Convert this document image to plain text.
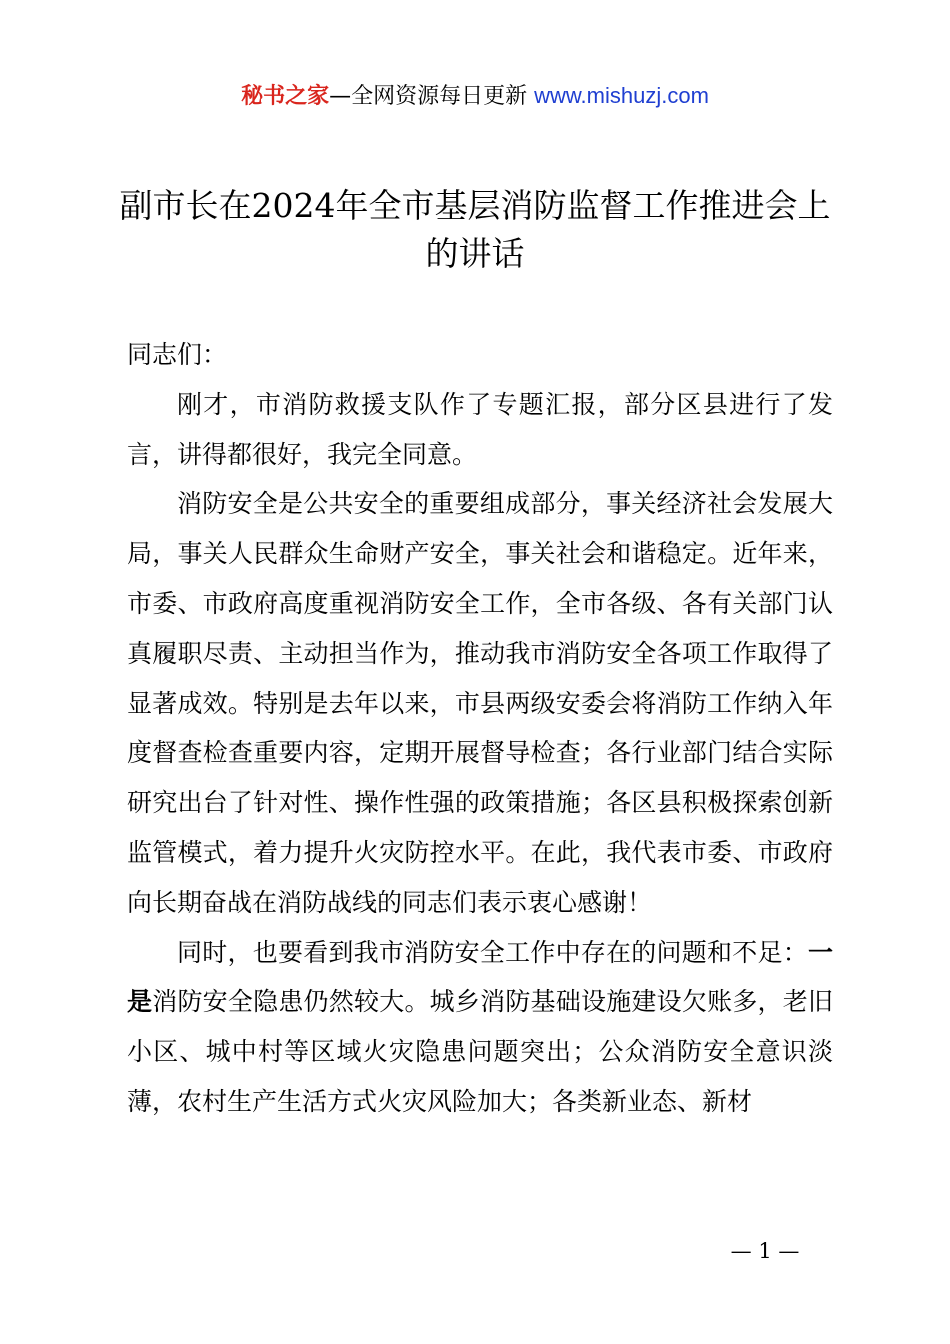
秘书之家—全网资源每日更新 www.mishuzj.com
副市长在2024年全市基层消防监督工作推进会上的讲话

同志们：

刚才，市消防救援支队作了专题汇报，部分区县进行了发言，讲得都很好，我完全同意。

消防安全是公共安全的重要组成部分，事关经济社会发展大局，事关人民群众生命财产安全，事关社会和谐稳定。近年来，市委、市政府高度重视消防安全工作，全市各级、各有关部门认真履职尽责、主动担当作为，推动我市消防安全各项工作取得了显著成效。特别是去年以来，市县两级安委会将消防工作纳入年度督查检查重要内容，定期开展督导检查；各行业部门结合实际研究出台了针对性、操作性强的政策措施；各区县积极探索创新监管模式，着力提升火灾防控水平。在此，我代表市委、市政府向长期奋战在消防战线的同志们表示衷心感谢！

同时，也要看到我市消防安全工作中存在的问题和不足：一是消防安全隐患仍然较大。城乡消防基础设施建设欠账多，老旧小区、城中村等区域火灾隐患问题突出；公众消防安全意识淡薄，农村生产生活方式火灾风险加大；各类新业态、新材

— 1 —
